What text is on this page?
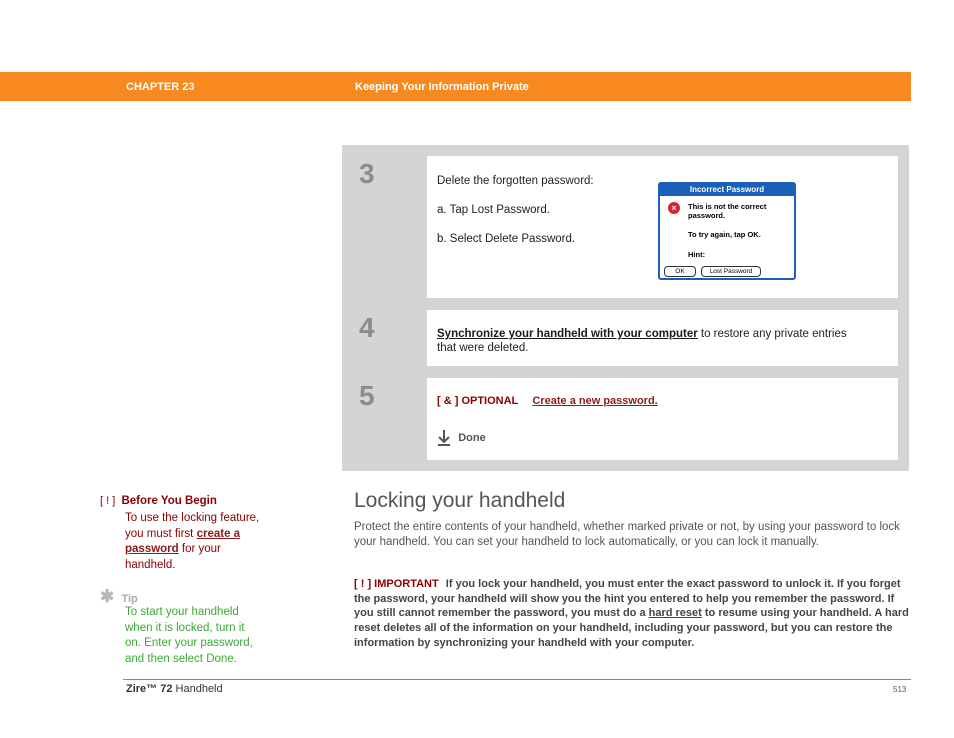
CHAPTER 23	Keeping Your Information Private
3	Delete the forgotten password:
a. Tap Lost Password.
b. Select Delete Password.
Incorrect Password
×	This is not the correct
password.
To try again, tap OK.
Hint:
OK	Lost Password
4	Synchronize your handheld with your computer to restore any private entries
that were deleted.
5	[ & ] OPTIONAL Create a new password.
Done
Locking your handheld
Protect the entire contents of your handheld, whether marked private or not, by using your password to lock your handheld. You can set your handheld to lock automatically, or you can lock it manually.
[ ! ] IMPORTANT If you lock your handheld, you must enter the exact password to unlock it. If you forget the password, your handheld will show you the hint you entered to help you remember the password. If you still cannot remember the password, you must do a hard reset to resume using your handheld. A hard reset deletes all of the information on your handheld, including your password, but you can restore the information by synchronizing your handheld with your computer.
[ ! ] Before You Begin
To use the locking feature,
you must first create a
password for your
handheld.
✱ Tip
To start your handheld
when it is locked, turn it
on. Enter your password,
and then select Done.
Zire™ 72 Handheld	513
